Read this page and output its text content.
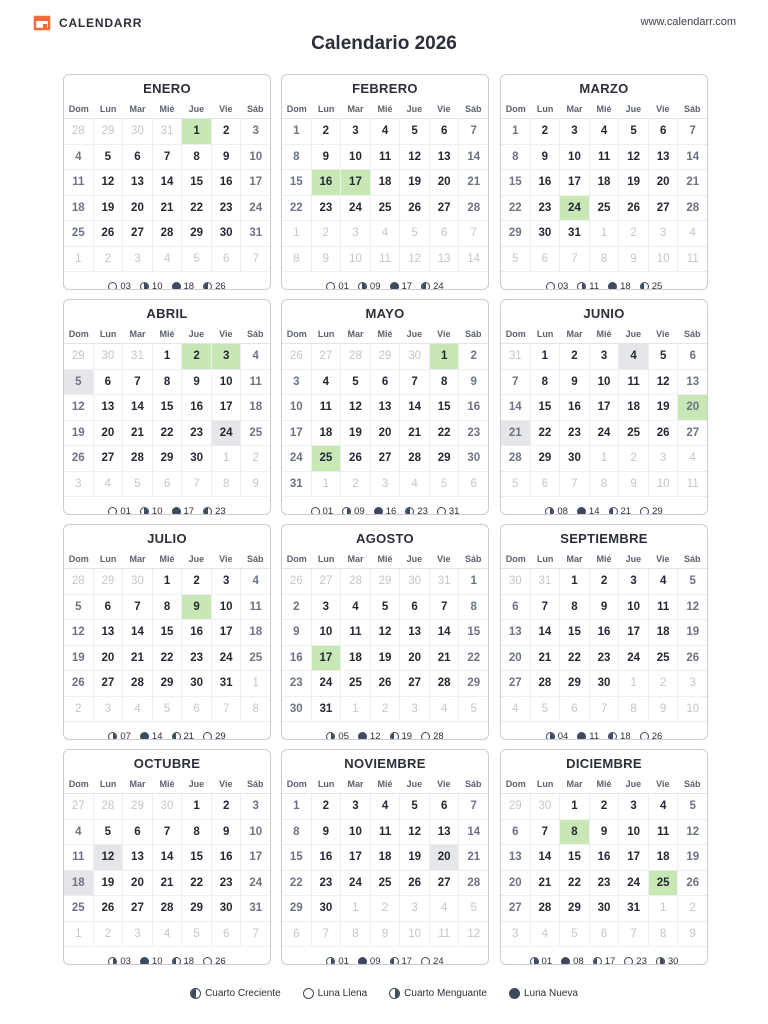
CALENDARR	www.calendarr.com
Calendario 2026
ENERO
Dom	Lun	Mar	Mié	Jue	Vie	Sáb
28	29	30	31	1	2	3
4	5	6	7	8	9	10
11	12	13	14	15	16	17
18	19	20	21	22	23	24
25	26	27	28	29	30	31
1	2	3	4	5	6	7
03 10 18 26
FEBRERO
Dom	Lun	Mar	Mié	Jue	Vie	Sáb
1	2	3	4	5	6	7
8	9	10	11	12	13	14
15	16	17	18	19	20	21
22	23	24	25	26	27	28
1	2	3	4	5	6	7
8	9	10	11	12	13	14
01 09 17 24
MARZO
Dom	Lun	Mar	Mié	Jue	Vie	Sáb
1	2	3	4	5	6	7
8	9	10	11	12	13	14
15	16	17	18	19	20	21
22	23	24	25	26	27	28
29	30	31	1	2	3	4
5	6	7	8	9	10	11
03 11 18 25
ABRIL
Dom	Lun	Mar	Mié	Jue	Vie	Sáb
29	30	31	1	2	3	4
5	6	7	8	9	10	11
12	13	14	15	16	17	18
19	20	21	22	23	24	25
26	27	28	29	30	1	2
3	4	5	6	7	8	9
01 10 17 23
MAYO
Dom	Lun	Mar	Mié	Jue	Vie	Sáb
26	27	28	29	30	1	2
3	4	5	6	7	8	9
10	11	12	13	14	15	16
17	18	19	20	21	22	23
24	25	26	27	28	29	30
31	1	2	3	4	5	6
01 09 16 23 31
JUNIO
Dom	Lun	Mar	Mié	Jue	Vie	Sáb
31	1	2	3	4	5	6
7	8	9	10	11	12	13
14	15	16	17	18	19	20
21	22	23	24	25	26	27
28	29	30	1	2	3	4
5	6	7	8	9	10	11
08 14 21 29
JULIO
Dom	Lun	Mar	Mié	Jue	Vie	Sáb
28	29	30	1	2	3	4
5	6	7	8	9	10	11
12	13	14	15	16	17	18
19	20	21	22	23	24	25
26	27	28	29	30	31	1
2	3	4	5	6	7	8
07 14 21 29
AGOSTO
Dom	Lun	Mar	Mié	Jue	Vie	Sáb
26	27	28	29	30	31	1
2	3	4	5	6	7	8
9	10	11	12	13	14	15
16	17	18	19	20	21	22
23	24	25	26	27	28	29
30	31	1	2	3	4	5
05 12 19 28
SEPTIEMBRE
Dom	Lun	Mar	Mié	Jue	Vie	Sáb
30	31	1	2	3	4	5
6	7	8	9	10	11	12
13	14	15	16	17	18	19
20	21	22	23	24	25	26
27	28	29	30	1	2	3
4	5	6	7	8	9	10
04 11 18 26
OCTUBRE
Dom	Lun	Mar	Mié	Jue	Vie	Sáb
27	28	29	30	1	2	3
4	5	6	7	8	9	10
11	12	13	14	15	16	17
18	19	20	21	22	23	24
25	26	27	28	29	30	31
1	2	3	4	5	6	7
03 10 18 26
NOVIEMBRE
Dom	Lun	Mar	Mié	Jue	Vie	Sáb
1	2	3	4	5	6	7
8	9	10	11	12	13	14
15	16	17	18	19	20	21
22	23	24	25	26	27	28
29	30	1	2	3	4	5
6	7	8	9	10	11	12
01 09 17 24
DICIEMBRE
Dom	Lun	Mar	Mié	Jue	Vie	Sáb
29	30	1	2	3	4	5
6	7	8	9	10	11	12
13	14	15	16	17	18	19
20	21	22	23	24	25	26
27	28	29	30	31	1	2
3	4	5	6	7	8	9
01 08 17 23 30
Cuarto Creciente	Luna Llena	Cuarto Menguante	Luna Nueva
